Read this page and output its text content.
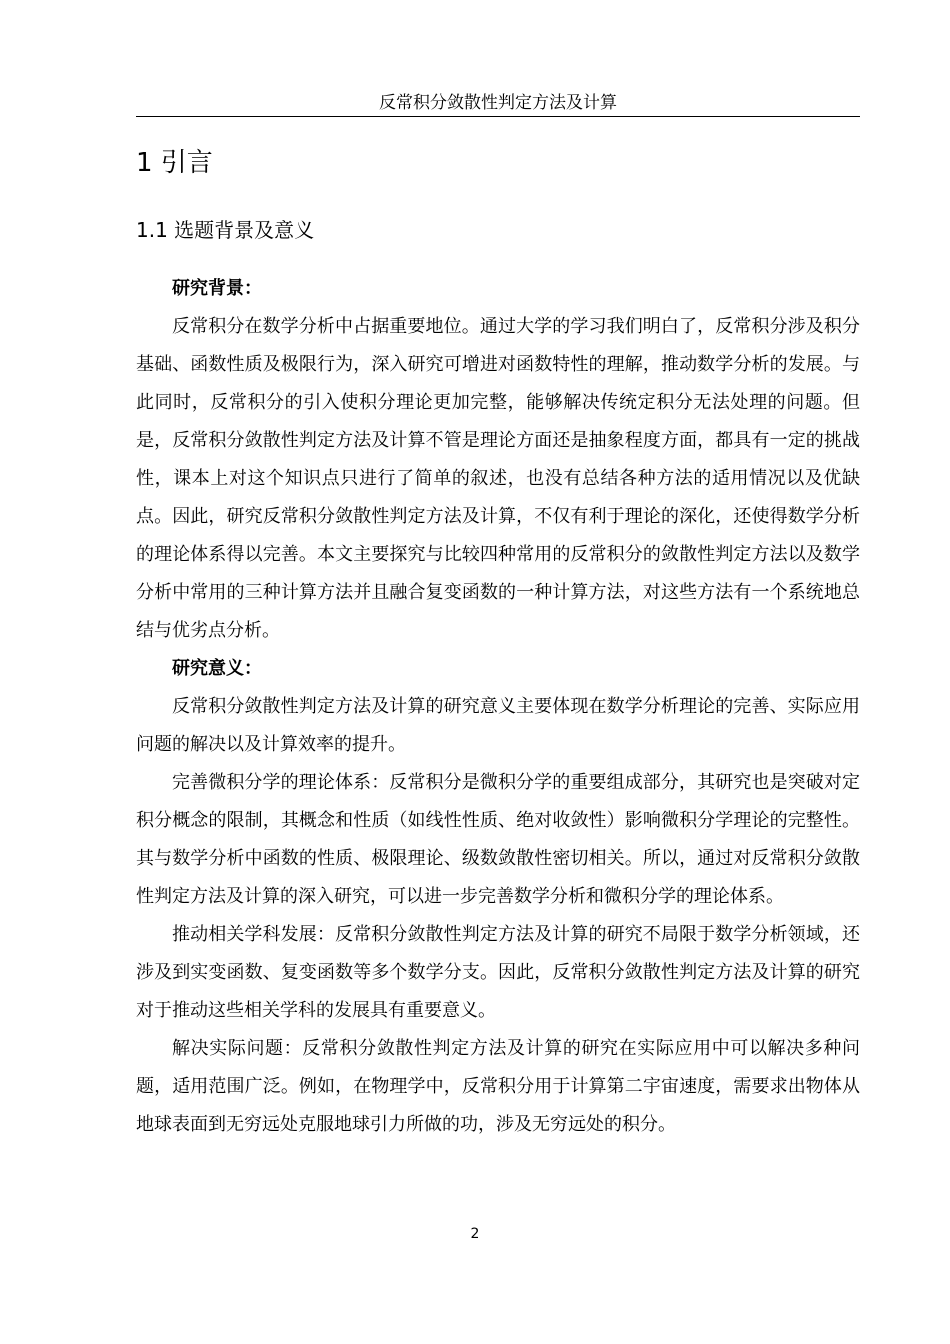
反常积分敛散性判定方法及计算
1 引言
1.1 选题背景及意义

研究背景：

反常积分在数学分析中占据重要地位。通过大学的学习我们明白了，反常积分涉及积分基础、函数性质及极限行为，深入研究可增进对函数特性的理解，推动数学分析的发展。与此同时，反常积分的引入使积分理论更加完整，能够解决传统定积分无法处理的问题。但是，反常积分敛散性判定方法及计算不管是理论方面还是抽象程度方面，都具有一定的挑战性，课本上对这个知识点只进行了简单的叙述，也没有总结各种方法的适用情况以及优缺点。因此，研究反常积分敛散性判定方法及计算，不仅有利于理论的深化，还使得数学分析的理论体系得以完善。本文主要探究与比较四种常用的反常积分的敛散性判定方法以及数学分析中常用的三种计算方法并且融合复变函数的一种计算方法，对这些方法有一个系统地总结与优劣点分析。

研究意义：

反常积分敛散性判定方法及计算的研究意义主要体现在数学分析理论的完善、实际应用问题的解决以及计算效率的提升。

完善微积分学的理论体系：反常积分是微积分学的重要组成部分，其研究也是突破对定积分概念的限制，其概念和性质（如线性性质、绝对收敛性）影响微积分学理论的完整性。其与数学分析中函数的性质、极限理论、级数敛散性密切相关。所以，通过对反常积分敛散性判定方法及计算的深入研究，可以进一步完善数学分析和微积分学的理论体系。

推动相关学科发展：反常积分敛散性判定方法及计算的研究不局限于数学分析领域，还涉及到实变函数、复变函数等多个数学分支。因此，反常积分敛散性判定方法及计算的研究对于推动这些相关学科的发展具有重要意义。

解决实际问题：反常积分敛散性判定方法及计算的研究在实际应用中可以解决多种问题，适用范围广泛。例如，在物理学中，反常积分用于计算第二宇宙速度，需要求出物体从地球表面到无穷远处克服地球引力所做的功，涉及无穷远处的积分。

2
